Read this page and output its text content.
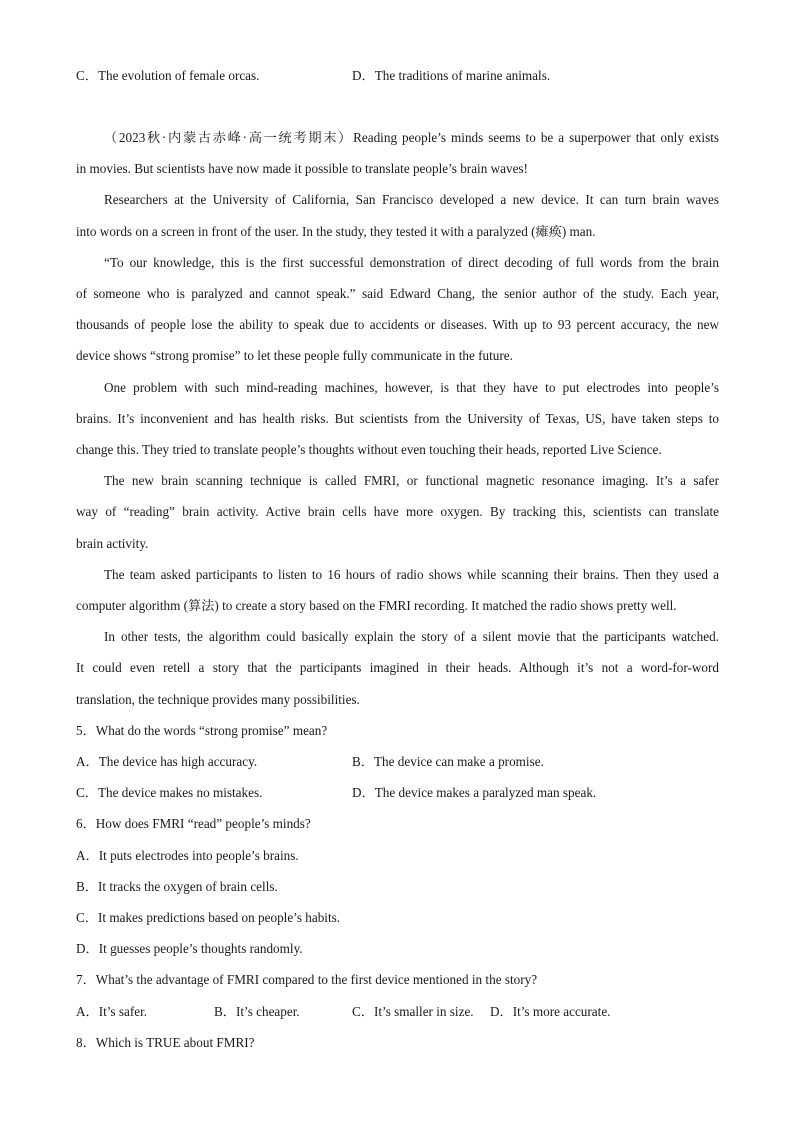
C．The evolution of female orcas.	D．The traditions of marine animals.
（2023秋·内蒙古赤峰·高一统考期末）Reading people’s minds seems to be a superpower that only exists
in movies. But scientists have now made it possible to translate people’s brain waves!
Researchers at the University of California, San Francisco developed a new device. It can turn brain waves
into words on a screen in front of the user. In the study, they tested it with a paralyzed (瘫痪) man.
“To our knowledge, this is the first successful demonstration of direct decoding of full words from the brain
of someone who is paralyzed and cannot speak.” said Edward Chang, the senior author of the study. Each year,
thousands of people lose the ability to speak due to accidents or diseases. With up to 93 percent accuracy, the new
device shows “strong promise” to let these people fully communicate in the future.
One problem with such mind-reading machines, however, is that they have to put electrodes into people’s
brains. It’s inconvenient and has health risks. But scientists from the University of Texas, US, have taken steps to
change this. They tried to translate people’s thoughts without even touching their heads, reported Live Science.
The new brain scanning technique is called FMRI, or functional magnetic resonance imaging. It’s a safer
way of “reading” brain activity. Active brain cells have more oxygen. By tracking this, scientists can translate
brain activity.
The team asked participants to listen to 16 hours of radio shows while scanning their brains. Then they used a
computer algorithm (算法) to create a story based on the FMRI recording. It matched the radio shows pretty well.
In other tests, the algorithm could basically explain the story of a silent movie that the participants watched.
It could even retell a story that the participants imagined in their heads. Although it’s not a word-for-word
translation, the technique provides many possibilities.
5．What do the words “strong promise” mean?
A．The device has high accuracy.	B．The device can make a promise.
C．The device makes no mistakes.	D．The device makes a paralyzed man speak.
6．How does FMRI “read” people’s minds?
A．It puts electrodes into people’s brains.
B．It tracks the oxygen of brain cells.
C．It makes predictions based on people’s habits.
D．It guesses people’s thoughts randomly.
7．What’s the advantage of FMRI compared to the first device mentioned in the story?
A．It’s safer.	B．It’s cheaper.	C．It’s smaller in size. D．It’s more accurate.
8．Which is TRUE about FMRI?
